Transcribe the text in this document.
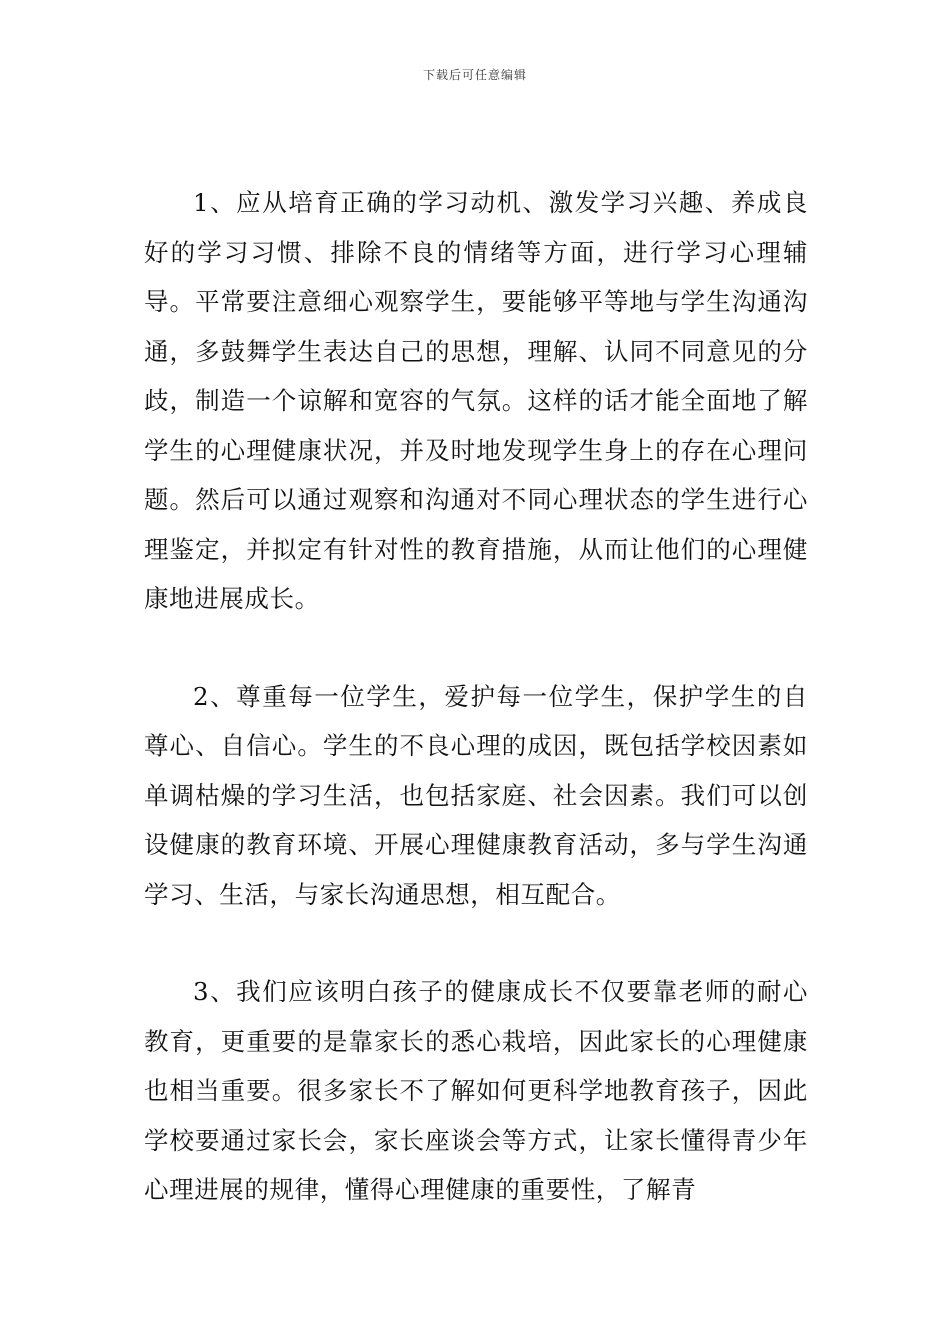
下载后可任意编辑

1、应从培育正确的学习动机、激发学习兴趣、养成良好的学习习惯、排除不良的情绪等方面，进行学习心理辅导。平常要注意细心观察学生，要能够平等地与学生沟通沟通，多鼓舞学生表达自己的思想，理解、认同不同意见的分歧，制造一个谅解和宽容的气氛。这样的话才能全面地了解学生的心理健康状况，并及时地发现学生身上的存在心理问题。然后可以通过观察和沟通对不同心理状态的学生进行心理鉴定，并拟定有针对性的教育措施，从而让他们的心理健康地进展成长。

2、尊重每一位学生，爱护每一位学生，保护学生的自尊心、自信心。学生的不良心理的成因，既包括学校因素如单调枯燥的学习生活，也包括家庭、社会因素。我们可以创设健康的教育环境、开展心理健康教育活动，多与学生沟通学习、生活，与家长沟通思想，相互配合。

3、我们应该明白孩子的健康成长不仅要靠老师的耐心教育，更重要的是靠家长的悉心栽培，因此家长的心理健康也相当重要。很多家长不了解如何更科学地教育孩子，因此学校要通过家长会，家长座谈会等方式，让家长懂得青少年心理进展的规律，懂得心理健康的重要性，了解青
